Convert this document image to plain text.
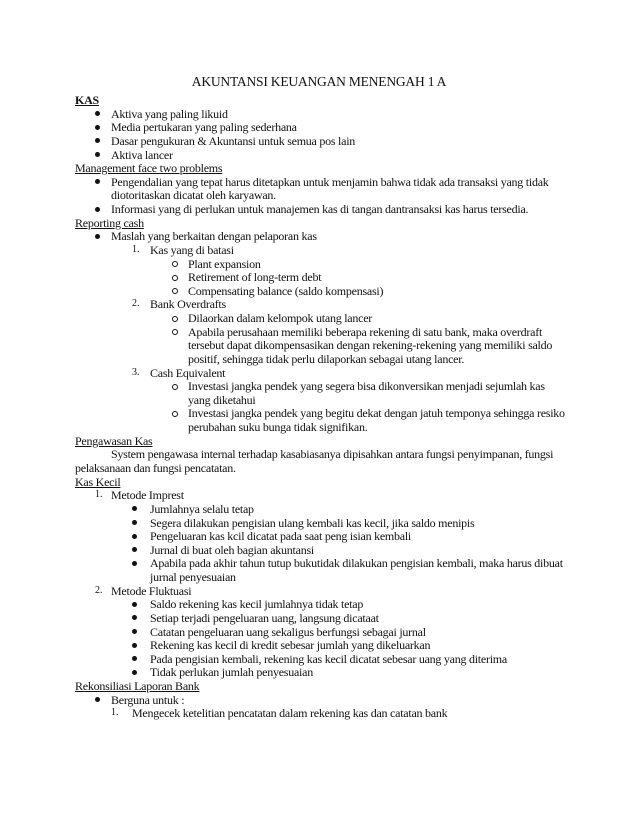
AKUNTANSI KEUANGAN MENENGAH 1 A
KAS
Aktiva yang paling likuid
Media pertukaran yang paling sederhana
Dasar pengukuran & Akuntansi untuk semua pos lain
Aktiva lancer
Management face two problems
Pengendalian yang tepat harus ditetapkan untuk menjamin bahwa tidak ada transaksi yang tidak
diotoritaskan dicatat oleh karyawan.
Informasi yang di perlukan untuk manajemen kas di tangan dantransaksi kas harus tersedia.
Reporting cash
Maslah yang berkaitan dengan pelaporan kas
1. Kas yang di batasi
Plant expansion
Retirement of long-term debt
Compensating balance (saldo kompensasi)
2. Bank Overdrafts
Dilaorkan dalam kelompok utang lancer
Apabila perusahaan memiliki beberapa rekening di satu bank, maka overdraft
tersebut dapat dikompensasikan dengan rekening-rekening yang memiliki saldo
positif, sehingga tidak perlu dilaporkan sebagai utang lancer.
3. Cash Equivalent
Investasi jangka pendek yang segera bisa dikonversikan menjadi sejumlah kas
yang diketahui
Investasi jangka pendek yang begitu dekat dengan jatuh temponya sehingga resiko
perubahan suku bunga tidak signifikan.
Pengawasan Kas
System pengawasa internal terhadap kasabiasanya dipisahkan antara fungsi penyimpanan, fungsi
pelaksanaan dan fungsi pencatatan.
Kas Kecil
1. Metode Imprest
Jumlahnya selalu tetap
Segera dilakukan pengisian ulang kembali kas kecil, jika saldo menipis
Pengeluaran kas kcil dicatat pada saat peng isian kembali
Jurnal di buat oleh bagian akuntansi
Apabila pada akhir tahun tutup bukutidak dilakukan pengisian kembali, maka harus dibuat
jurnal penyesuaian
2. Metode Fluktuasi
Saldo rekening kas kecil jumlahnya tidak tetap
Setiap terjadi pengeluaran uang, langsung dicataat
Catatan pengeluaran uang sekaligus berfungsi sebagai jurnal
Rekening kas kecil di kredit sebesar jumlah yang dikeluarkan
Pada pengisian kembali, rekening kas kecil dicatat sebesar uang yang diterima
Tidak perlukan jumlah penyesuaian
Rekonsiliasi Laporan Bank
Berguna untuk :
1. Mengecek ketelitian pencatatan dalam rekening kas dan catatan bank
